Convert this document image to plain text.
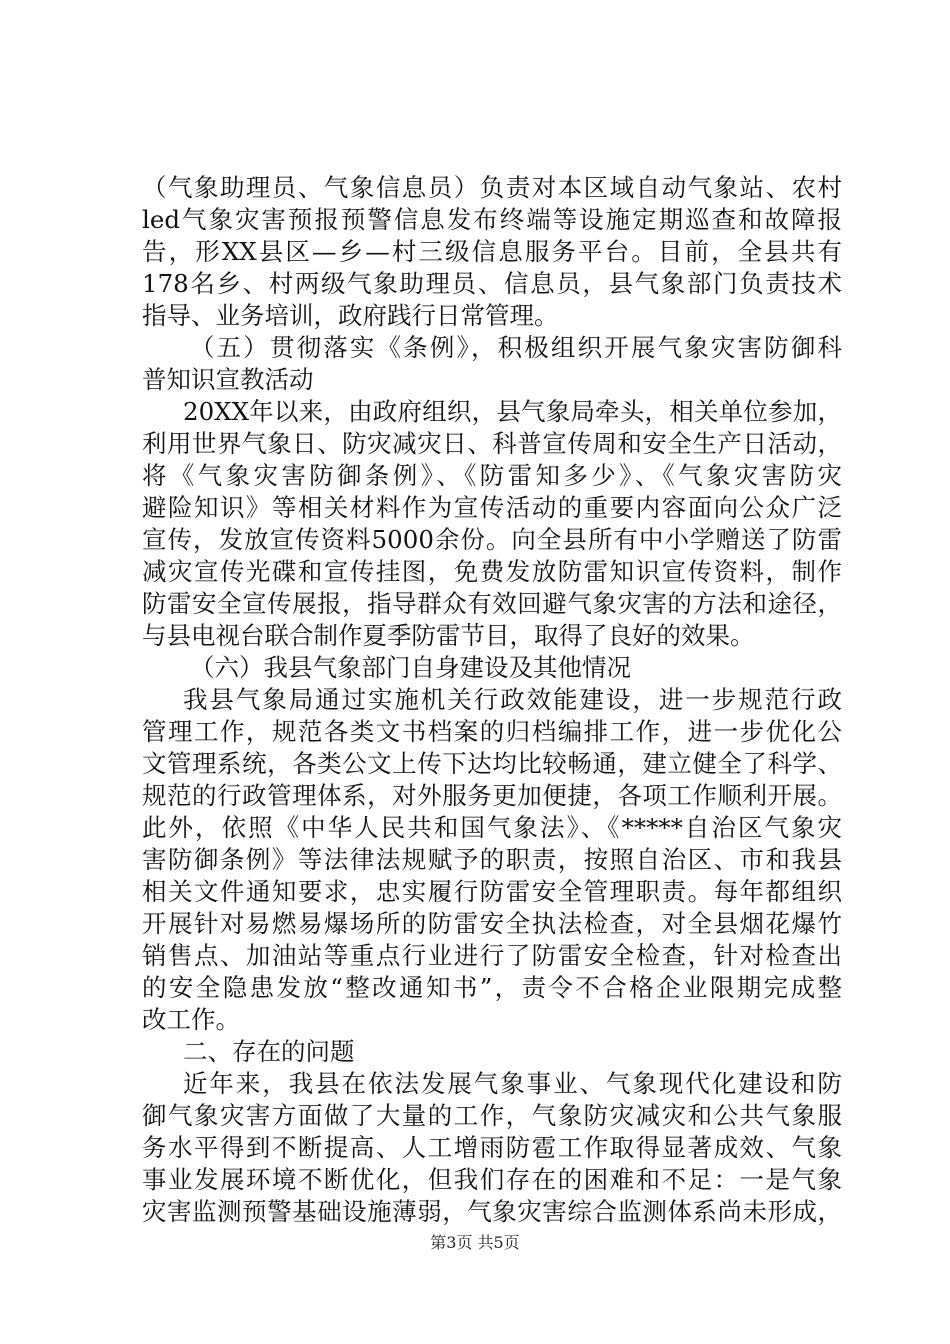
（气象助理员、气象信息员）负责对本区域自动气象站、农村
led气象灾害预报预警信息发布终端等设施定期巡查和故障报
告，形XX县区—乡—村三级信息服务平台。目前，全县共有
178名乡、村两级气象助理员、信息员，县气象部门负责技术
指导、业务培训，政府践行日常管理。
（五）贯彻落实《条例》，积极组织开展气象灾害防御科
普知识宣教活动
20XX年以来，由政府组织，县气象局牵头，相关单位参加，
利用世界气象日、防灾减灾日、科普宣传周和安全生产日活动，
将《气象灾害防御条例》、《防雷知多少》、《气象灾害防灾
避险知识》等相关材料作为宣传活动的重要内容面向公众广泛
宣传，发放宣传资料5000余份。向全县所有中小学赠送了防雷
减灾宣传光碟和宣传挂图，免费发放防雷知识宣传资料，制作
防雷安全宣传展报，指导群众有效回避气象灾害的方法和途径，
与县电视台联合制作夏季防雷节目，取得了良好的效果。
（六）我县气象部门自身建设及其他情况
我县气象局通过实施机关行政效能建设，进一步规范行政
管理工作，规范各类文书档案的归档编排工作，进一步优化公
文管理系统，各类公文上传下达均比较畅通，建立健全了科学、
规范的行政管理体系，对外服务更加便捷，各项工作顺利开展。
此外，依照《中华人民共和国气象法》、《*****自治区气象灾
害防御条例》等法律法规赋予的职责，按照自治区、市和我县
相关文件通知要求，忠实履行防雷安全管理职责。每年都组织
开展针对易燃易爆场所的防雷安全执法检查，对全县烟花爆竹
销售点、加油站等重点行业进行了防雷安全检查，针对检查出
的安全隐患发放“整改通知书”，责令不合格企业限期完成整
改工作。
二、存在的问题
近年来，我县在依法发展气象事业、气象现代化建设和防
御气象灾害方面做了大量的工作，气象防灾减灾和公共气象服
务水平得到不断提高、人工增雨防雹工作取得显著成效、气象
事业发展环境不断优化，但我们存在的困难和不足：一是气象
灾害监测预警基础设施薄弱，气象灾害综合监测体系尚未形成，
第3页 共5页
